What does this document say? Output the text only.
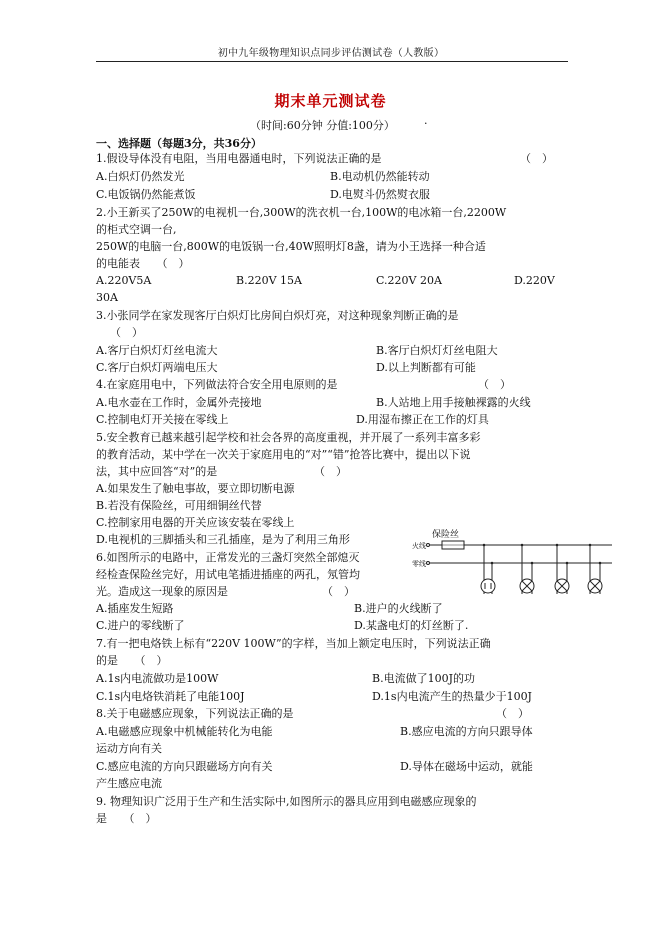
初中九年级物理知识点同步评估测试卷（人教版）
期末单元测试卷
（时间:60分钟 分值:100分）	.
一、选择题（每题3分，共36分）
1.假设导体没有电阻，当用电器通电时，下列说法正确的是	（　）
A.白炽灯仍然发光	B.电动机仍然能转动
C.电饭锅仍然能煮饭	D.电熨斗仍然熨衣服
2.小王新买了250W的电视机一台,300W的洗衣机一台,100W的电冰箱一台,2200W
的柜式空调一台,
250W的电脑一台,800W的电饭锅一台,40W照明灯8盏，请为小王选择一种合适
的电能表　　（　）
A.220V5A	B.220V 15A	C.220V 20A	D.220V
30A
3.小张同学在家发现客厅白炽灯比房间白炽灯亮，对这种现象判断正确的是
（　）
A.客厅白炽灯灯丝电流大	B.客厅白炽灯灯丝电阻大
C.客厅白炽灯两端电压大	D.以上判断都有可能
4.在家庭用电中，下列做法符合安全用电原则的是	（　）
A.电水壶在工作时，金属外壳接地	B.人站地上用手接触裸露的火线
C.控制电灯开关接在零线上	D.用湿布擦正在工作的灯具
5.安全教育已越来越引起学校和社会各界的高度重视，并开展了一系列丰富多彩
的教育活动，某中学在一次关于家庭用电的“对”“错”抢答比赛中，提出以下说
法，其中应回答“对”的是	（　）
A.如果发生了触电事故，要立即切断电源
B.若没有保险丝，可用细铜丝代替
C.控制家用电器的开关应该安装在零线上
D.电视机的三脚插头和三孔插座，是为了利用三角形
6.如图所示的电路中，正常发光的三盏灯突然全部熄灭
经检查保险丝完好，用试电笔插进插座的两孔，氖管均
光。造成这一现象的原因是	（　）
A.插座发生短路	B.进户的火线断了
C.进户的零线断了	D.某盏电灯的灯丝断了.
保险丝
火线
零线
7.有一把电烙铁上标有“220V 100W”的字样，当加上额定电压时，下列说法正确
的是　　（　）
A.1s内电流做功是100W	B.电流做了100J的功
C.1s内电烙铁消耗了电能100J	D.1s内电流产生的热量少于100J
8.关于电磁感应现象，下列说法正确的是	（　）
A.电磁感应现象中机械能转化为电能	B.感应电流的方向只跟导体
运动方向有关
C.感应电流的方向只跟磁场方向有关	D.导体在磁场中运动，就能
产生感应电流
9. 物理知识广泛用于生产和生活实际中,如图所示的器具应用到电磁感应现象的
是　　（　）
